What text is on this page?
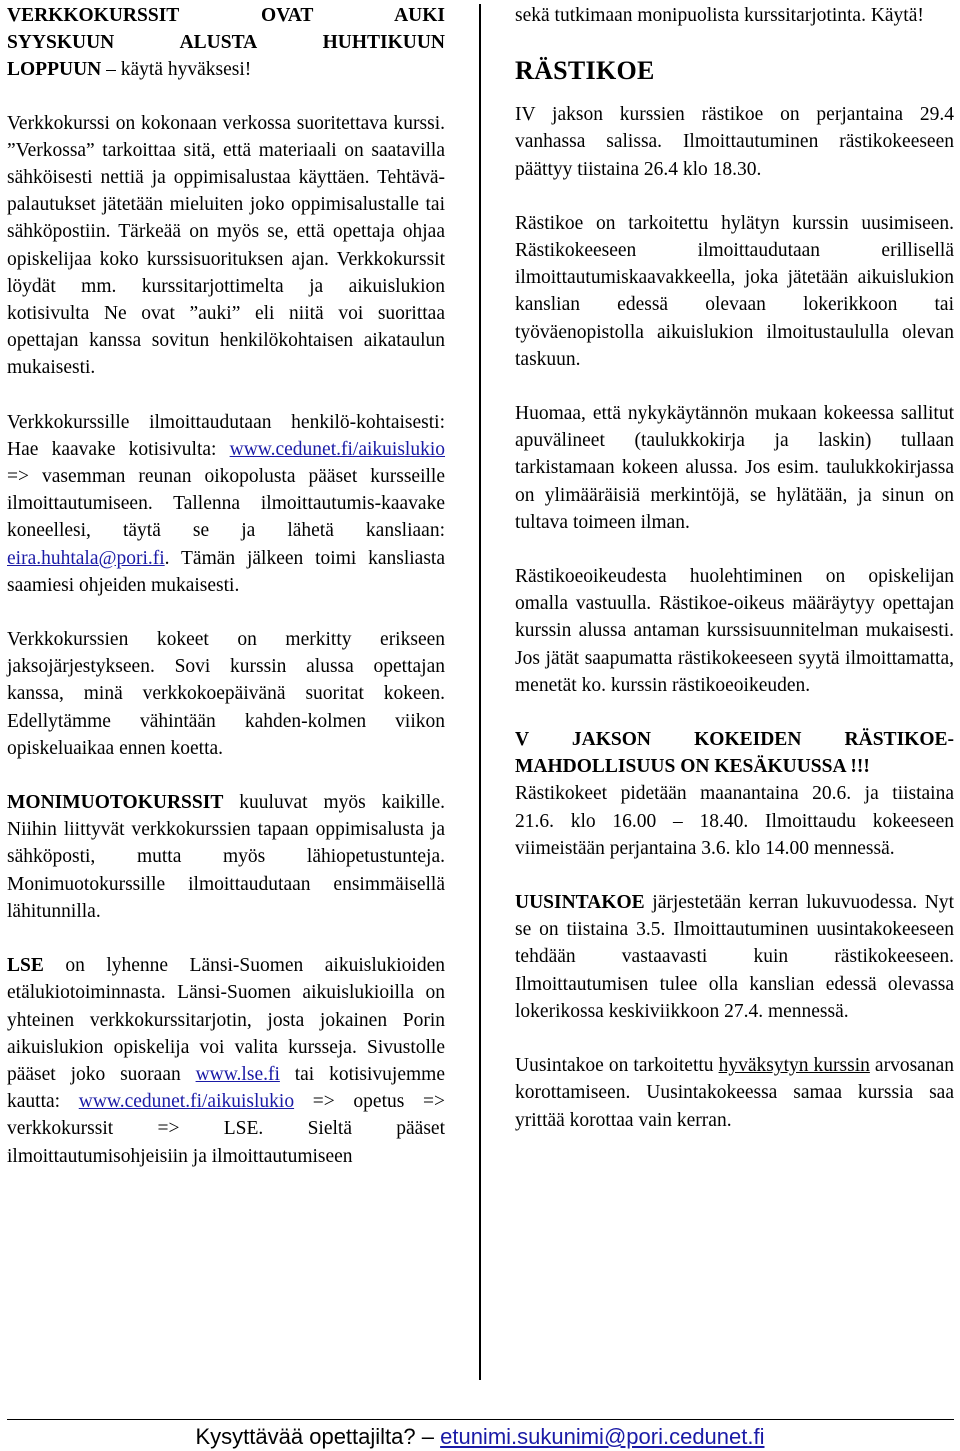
VERKKOKURSSIT OVAT AUKI
SYYSKUUN ALUSTA HUHTIKUUN
LOPPUUN – käytä hyväksesi!

Verkkokurssi on kokonaan verkossa suoritettava kurssi. ”Verkossa” tarkoittaa sitä, että materiaali on saatavilla sähköisesti nettiä ja oppimisalustaa käyttäen. Tehtävä-palautukset jätetään mieluiten joko oppimisalustalle tai sähköpostiin. Tärkeää on myös se, että opettaja ohjaa opiskelijaa koko kurssisuorituksen ajan. Verkkokurssit löydät mm. kurssitarjottimelta ja aikuislukion kotisivulta Ne ovat ”auki” eli niitä voi suorittaa opettajan kanssa sovitun henkilökohtaisen aikataulun mukaisesti.

Verkkokurssille ilmoittaudutaan henkilö-kohtaisesti: Hae kaavake kotisivulta: www.cedunet.fi/aikuislukio => vasemman reunan oikopolusta pääset kursseille ilmoittautumiseen. Tallenna ilmoittautumis-kaavake koneellesi, täytä se ja lähetä kansliaan: eira.huhtala@pori.fi. Tämän jälkeen toimi kansliasta saamiesi ohjeiden mukaisesti.

Verkkokurssien kokeet on merkitty erikseen jaksojärjestykseen. Sovi kurssin alussa opettajan kanssa, minä verkkokoepäivänä suoritat kokeen. Edellytämme vähintään kahden-kolmen viikon opiskeluaikaa ennen koetta.

MONIMUOTOKURSSIT kuuluvat myös kaikille. Niihin liittyvät verkkokurssien tapaan oppimisalusta ja sähköposti, mutta myös lähiopetustunteja. Monimuotokurssille ilmoittaudutaan ensimmäisellä lähitunnilla.

LSE on lyhenne Länsi-Suomen aikuislukioiden etälukiotoiminnasta. Länsi-Suomen aikuislukioilla on yhteinen verkkokurssitarjotin, josta jokainen Porin aikuislukion opiskelija voi valita kursseja. Sivustolle pääset joko suoraan www.lse.fi tai kotisivujemme kautta: www.cedunet.fi/aikuislukio => opetus => verkkokurssit => LSE. Sieltä pääset ilmoittautumisohjeisiin ja ilmoittautumiseen

sekä tutkimaan monipuolista kurssitarjotinta. Käytä!

RÄSTIKOE

IV jakson kurssien rästikoe on perjantaina 29.4 vanhassa salissa. Ilmoittautuminen rästikokeeseen päättyy tiistaina 26.4 klo 18.30.

Rästikoe on tarkoitettu hylätyn kurssin uusimiseen. Rästikokeeseen ilmoittaudutaan erillisellä ilmoittautumiskaavakkeella, joka jätetään aikuislukion kanslian edessä olevaan lokerikkoon tai työväenopistolla aikuislukion ilmoitustaululla olevan taskuun.

Huomaa, että nykykäytännön mukaan kokeessa sallitut apuvälineet (taulukkokirja ja laskin) tullaan tarkistamaan kokeen alussa. Jos esim. taulukkokirjassa on ylimääräisiä merkintöjä, se hylätään, ja sinun on tultava toimeen ilman.

Rästikoeoikeudesta huolehtiminen on opiskelijan omalla vastuulla. Rästikoe-oikeus määräytyy opettajan kurssin alussa antaman kurssisuunnitelman mukaisesti. Jos jätät saapumatta rästikokeeseen syytä ilmoittamatta, menetät ko. kurssin rästikoeoikeuden.

V JAKSON KOKEIDEN RÄSTIKOE-MAHDOLLISUUS ON KESÄKUUSSA !!!
Rästikokeet pidetään maanantaina 20.6. ja tiistaina 21.6. klo 16.00 – 18.40. Ilmoittaudu kokeeseen viimeistään perjantaina 3.6. klo 14.00 mennessä.

UUSINTAKOE järjestetään kerran lukuvuodessa. Nyt se on tiistaina 3.5. Ilmoittautuminen uusintakokeeseen tehdään vastaavasti kuin rästikokeeseen. Ilmoittautumisen tulee olla kanslian edessä olevassa lokerikossa keskiviikkoon 27.4. mennessä.

Uusintakoe on tarkoitettu hyväksytyn kurssin arvosanan korottamiseen. Uusintakokeessa samaa kurssia saa yrittää korottaa vain kerran.

Kysyttävää opettajilta? – etunimi.sukunimi@pori.cedunet.fi
